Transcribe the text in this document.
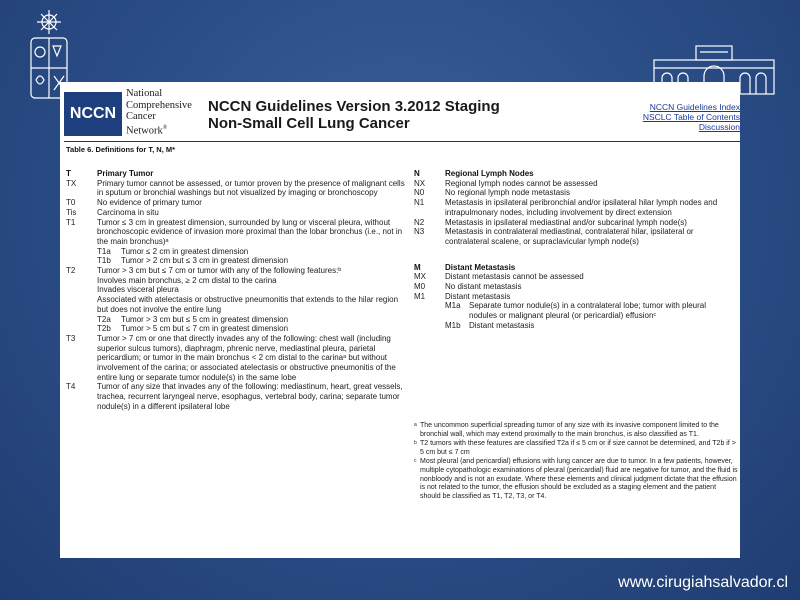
NCCN
National
Comprehensive
Cancer
Network®
NCCN Guidelines Version 3.2012 Staging
Non-Small Cell Lung Cancer
NCCN Guidelines Index
NSCLC Table of Contents
Discussion
Table 6. Definitions for T, N, M*
T	Primary Tumor
TX	Primary tumor cannot be assessed, or tumor proven by the presence of malignant cells in sputum or bronchial washings but not visualized by imaging or bronchoscopy
T0	No evidence of primary tumor
Tis	Carcinoma in situ
T1	Tumor ≤ 3 cm in greatest dimension, surrounded by lung or visceral pleura, without bronchoscopic evidence of invasion more proximal than the lobar bronchus (i.e., not in the main bronchus)ᵃ
T1a	Tumor ≤ 2 cm in greatest dimension
T1b	Tumor > 2 cm but ≤ 3 cm in greatest dimension
T2	Tumor > 3 cm but ≤ 7 cm or tumor with any of the following features:ᵇ
Involves main bronchus, ≥ 2 cm distal to the carina
Invades visceral pleura
Associated with atelectasis or obstructive pneumonitis that extends to the hilar region but does not involve the entire lung
T2a	Tumor > 3 cm but ≤ 5 cm in greatest dimension
T2b	Tumor > 5 cm but ≤ 7 cm in greatest dimension
T3	Tumor > 7 cm or one that directly invades any of the following: chest wall (including superior sulcus tumors), diaphragm, phrenic nerve, mediastinal pleura, parietal pericardium; or tumor in the main bronchus < 2 cm distal to the carinaᵃ but without involvement of the carina; or associated atelectasis or obstructive pneumonitis of the entire lung or separate tumor nodule(s) in the same lobe
T4	Tumor of any size that invades any of the following: mediastinum, heart, great vessels, trachea, recurrent laryngeal nerve, esophagus, vertebral body, carina; separate tumor nodule(s) in a different ipsilateral lobe
N	Regional Lymph Nodes
NX	Regional lymph nodes cannot be assessed
N0	No regional lymph node metastasis
N1	Metastasis in ipsilateral peribronchial and/or ipsilateral hilar lymph nodes and intrapulmonary nodes, including involvement by direct extension
N2	Metastasis in ipsilateral mediastinal and/or subcarinal lymph node(s)
N3	Metastasis in contralateral mediastinal, contralateral hilar, ipsilateral or contralateral scalene, or supraclavicular lymph node(s)
M	Distant Metastasis
MX	Distant metastasis cannot be assessed
M0	No distant metastasis
M1	Distant metastasis
M1a	Separate tumor nodule(s) in a contralateral lobe; tumor with pleural nodules or malignant pleural (or pericardial) effusionᶜ
M1b	Distant metastasis
a The uncommon superficial spreading tumor of any size with its invasive component limited to the bronchial wall, which may extend proximally to the main bronchus, is also classified as T1.
b T2 tumors with these features are classified T2a if ≤ 5 cm or if size cannot be determined, and T2b if > 5 cm but ≤ 7 cm
c Most pleural (and pericardial) effusions with lung cancer are due to tumor. In a few patients, however, multiple cytopathologic examinations of pleural (pericardial) fluid are negative for tumor, and the fluid is nonbloody and is not an exudate. Where these elements and clinical judgment dictate that the effusion is not related to the tumor, the effusion should be excluded as a staging element and the patient should be classified as T1, T2, T3, or T4.
www.cirugiahsalvador.cl
